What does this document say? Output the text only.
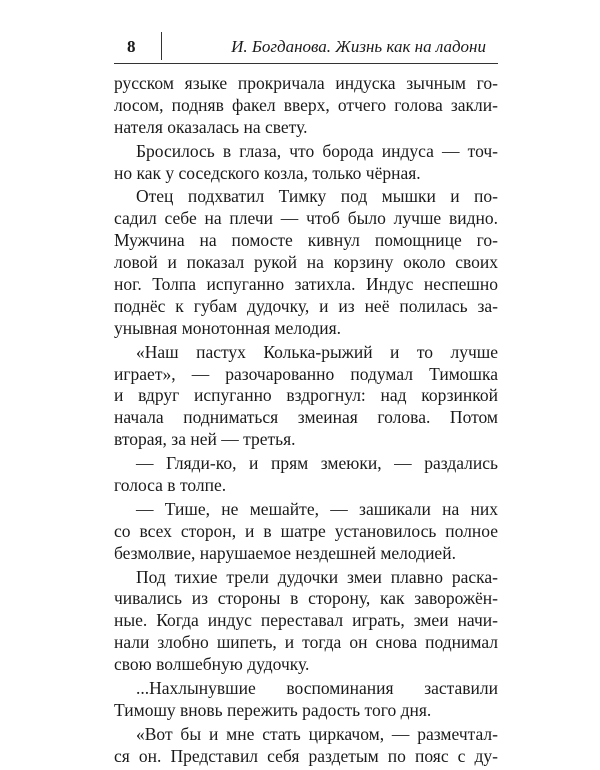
8	И. Богданова. Жизнь как на ладони
русском языке прокричала индуска зычным го-
лосом, подняв факел вверх, отчего голова закли-
нателя оказалась на свету.
Бросилось в глаза, что борода индуса — точ-
но как у соседского козла, только чёрная.
Отец подхватил Тимку под мышки и по-
садил себе на плечи — чтоб было лучше видно.
Мужчина на помосте кивнул помощнице го-
ловой и показал рукой на корзину около своих
ног. Толпа испуганно затихла. Индус неспешно
поднёс к губам дудочку, и из неё полилась за-
унывная монотонная мелодия.
«Наш пастух Колька-рыжий и то лучше
играет», — разочарованно подумал Тимошка
и вдруг испуганно вздрогнул: над корзинкой
начала подниматься змеиная голова. Потом
вторая, за ней — третья.
— Гляди-ко, и прям змеюки, — раздались
голоса в толпе.
— Тише, не мешайте, — зашикали на них
со всех сторон, и в шатре установилось полное
безмолвие, нарушаемое нездешней мелодией.
Под тихие трели дудочки змеи плавно раска-
чивались из стороны в сторону, как заворожён-
ные. Когда индус переставал играть, змеи начи-
нали злобно шипеть, и тогда он снова поднимал
свою волшебную дудочку.
...Нахлынувшие воспоминания заставили
Тимошу вновь пережить радость того дня.
«Вот бы и мне стать циркачом, — размечтал-
ся он. Представил себя раздетым по пояс с ду-
